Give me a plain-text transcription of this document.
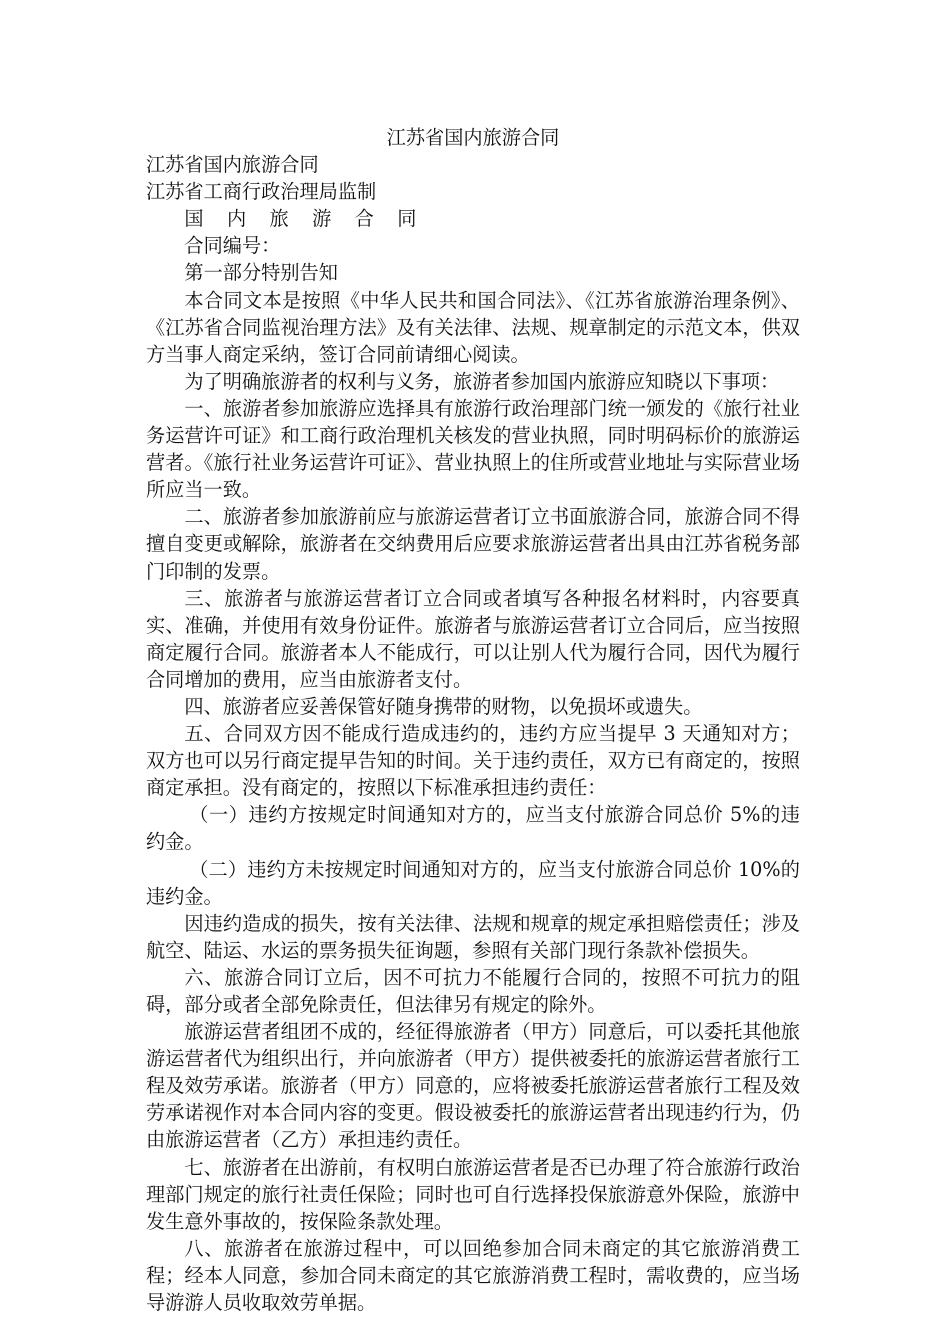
江苏省国内旅游合同

江苏省国内旅游合同

江苏省工商行政治理局监制

国 内 旅 游 合 同

合同编号：

第一部分特别告知

本合同文本是按照《中华人民共和国合同法》、《江苏省旅游治理条例》、《江苏省合同监视治理方法》及有关法律、法规、规章制定的示范文本，供双方当事人商定采纳，签订合同前请细心阅读。

为了明确旅游者的权利与义务，旅游者参加国内旅游应知晓以下事项：

一、旅游者参加旅游应选择具有旅游行政治理部门统一颁发的《旅行社业务运营许可证》和工商行政治理机关核发的营业执照，同时明码标价的旅游运营者。《旅行社业务运营许可证》、营业执照上的住所或营业地址与实际营业场所应当一致。

二、旅游者参加旅游前应与旅游运营者订立书面旅游合同，旅游合同不得擅自变更或解除，旅游者在交纳费用后应要求旅游运营者出具由江苏省税务部门印制的发票。

三、旅游者与旅游运营者订立合同或者填写各种报名材料时，内容要真实、准确，并使用有效身份证件。旅游者与旅游运营者订立合同后，应当按照商定履行合同。旅游者本人不能成行，可以让别人代为履行合同，因代为履行合同增加的费用，应当由旅游者支付。

四、旅游者应妥善保管好随身携带的财物，以免损坏或遗失。

五、合同双方因不能成行造成违约的，违约方应当提早 3 天通知对方；双方也可以另行商定提早告知的时间。关于违约责任，双方已有商定的，按照商定承担。没有商定的，按照以下标准承担违约责任：

（一）违约方按规定时间通知对方的，应当支付旅游合同总价 5%的违约金。

（二）违约方未按规定时间通知对方的，应当支付旅游合同总价 10%的违约金。

因违约造成的损失，按有关法律、法规和规章的规定承担赔偿责任；涉及航空、陆运、水运的票务损失征询题，参照有关部门现行条款补偿损失。

六、旅游合同订立后，因不可抗力不能履行合同的，按照不可抗力的阻碍，部分或者全部免除责任，但法律另有规定的除外。

旅游运营者组团不成的，经征得旅游者（甲方）同意后，可以委托其他旅游运营者代为组织出行，并向旅游者（甲方）提供被委托的旅游运营者旅行工程及效劳承诺。旅游者（甲方）同意的，应将被委托旅游运营者旅行工程及效劳承诺视作对本合同内容的变更。假设被委托的旅游运营者出现违约行为，仍由旅游运营者（乙方）承担违约责任。

七、旅游者在出游前，有权明白旅游运营者是否已办理了符合旅游行政治理部门规定的旅行社责任保险；同时也可自行选择投保旅游意外保险，旅游中发生意外事故的，按保险条款处理。

八、旅游者在旅游过程中，可以回绝参加合同未商定的其它旅游消费工程；经本人同意，参加合同未商定的其它旅游消费工程时，需收费的，应当场导游游人员收取效劳单据。
